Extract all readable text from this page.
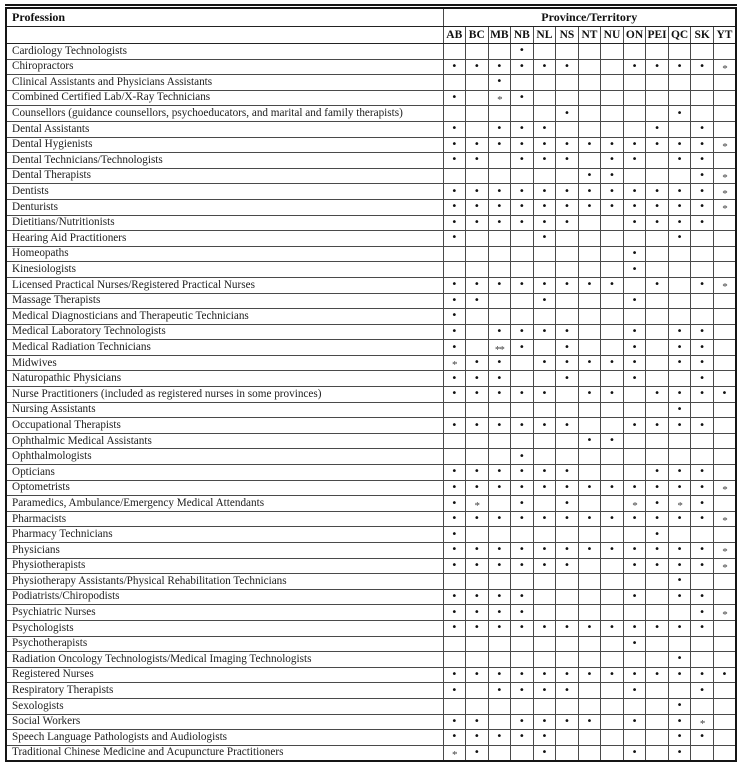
Profession	Province/Territory												
	AB	BC	MB	NB	NL	NS	NT	NU	ON	PEI	QC	SK	YT
Cardiology Technologists				•									
Chiropractors	•	•	•	•	•	•			•	•	•	•	*
Clinical Assistants and Physicians Assistants			•										
Combined Certified Lab/X-Ray Technicians	•		*	•									
Counsellors (guidance counsellors, psychoeducators, and marital and family therapists)						•					•		
Dental Assistants	•		•	•	•					•		•	
Dental Hygienists	•	•	•	•	•	•	•	•	•	•	•	•	*
Dental Technicians/Technologists	•	•		•	•	•		•	•		•	•	
Dental Therapists							•	•				•	*
Dentists	•	•	•	•	•	•	•	•	•	•	•	•	*
Denturists	•	•	•	•	•	•	•	•	•	•	•	•	*
Dietitians/Nutritionists	•	•	•	•	•	•			•	•	•	•	
Hearing Aid Practitioners	•				•						•		
Homeopaths									•				
Kinesiologists									•				
Licensed Practical Nurses/Registered Practical Nurses	•	•	•	•	•	•	•	•		•		•	*
Massage Therapists	•	•			•				•				
Medical Diagnosticians and Therapeutic Technicians	•												
Medical Laboratory Technologists	•		•	•	•	•			•		•	•	
Medical Radiation Technicians	•		**	•		•			•		•	•	
Midwives	*	•	•		•	•	•	•	•		•	•	
Naturopathic Physicians	•	•	•			•			•			•	
Nurse Practitioners (included as registered nurses in some provinces)	•	•	•	•	•		•	•		•	•	•	•
Nursing Assistants											•		
Occupational Therapists	•	•	•	•	•	•			•	•	•	•	
Ophthalmic Medical Assistants							•	•					
Ophthalmologists				•									
Opticians	•	•	•	•	•	•				•	•	•	
Optometrists	•	•	•	•	•	•	•	•	•	•	•	•	*
Paramedics, Ambulance/Emergency Medical Attendants	•	*		•		•			*	•	*	•	
Pharmacists	•	•	•	•	•	•	•	•	•	•	•	•	*
Pharmacy Technicians	•									•			
Physicians	•	•	•	•	•	•	•	•	•	•	•	•	*
Physiotherapists	•	•	•	•	•	•			•	•	•	•	*
Physiotherapy Assistants/Physical Rehabilitation Technicians											•		
Podiatrists/Chiropodists	•	•	•	•					•		•	•	
Psychiatric Nurses	•	•	•	•								•	*
Psychologists	•	•	•	•	•	•	•	•	•	•	•	•	
Psychotherapists									•				
Radiation Oncology Technologists/Medical Imaging Technologists											•		
Registered Nurses	•	•	•	•	•	•	•	•	•	•	•	•	•
Respiratory Therapists	•		•	•	•	•			•			•	
Sexologists											•		
Social Workers	•	•		•	•	•	•		•		•	*	
Speech Language Pathologists and Audiologists	•	•	•	•	•						•	•	
Traditional Chinese Medicine and Acupuncture Practitioners	*	•			•				•		•		
